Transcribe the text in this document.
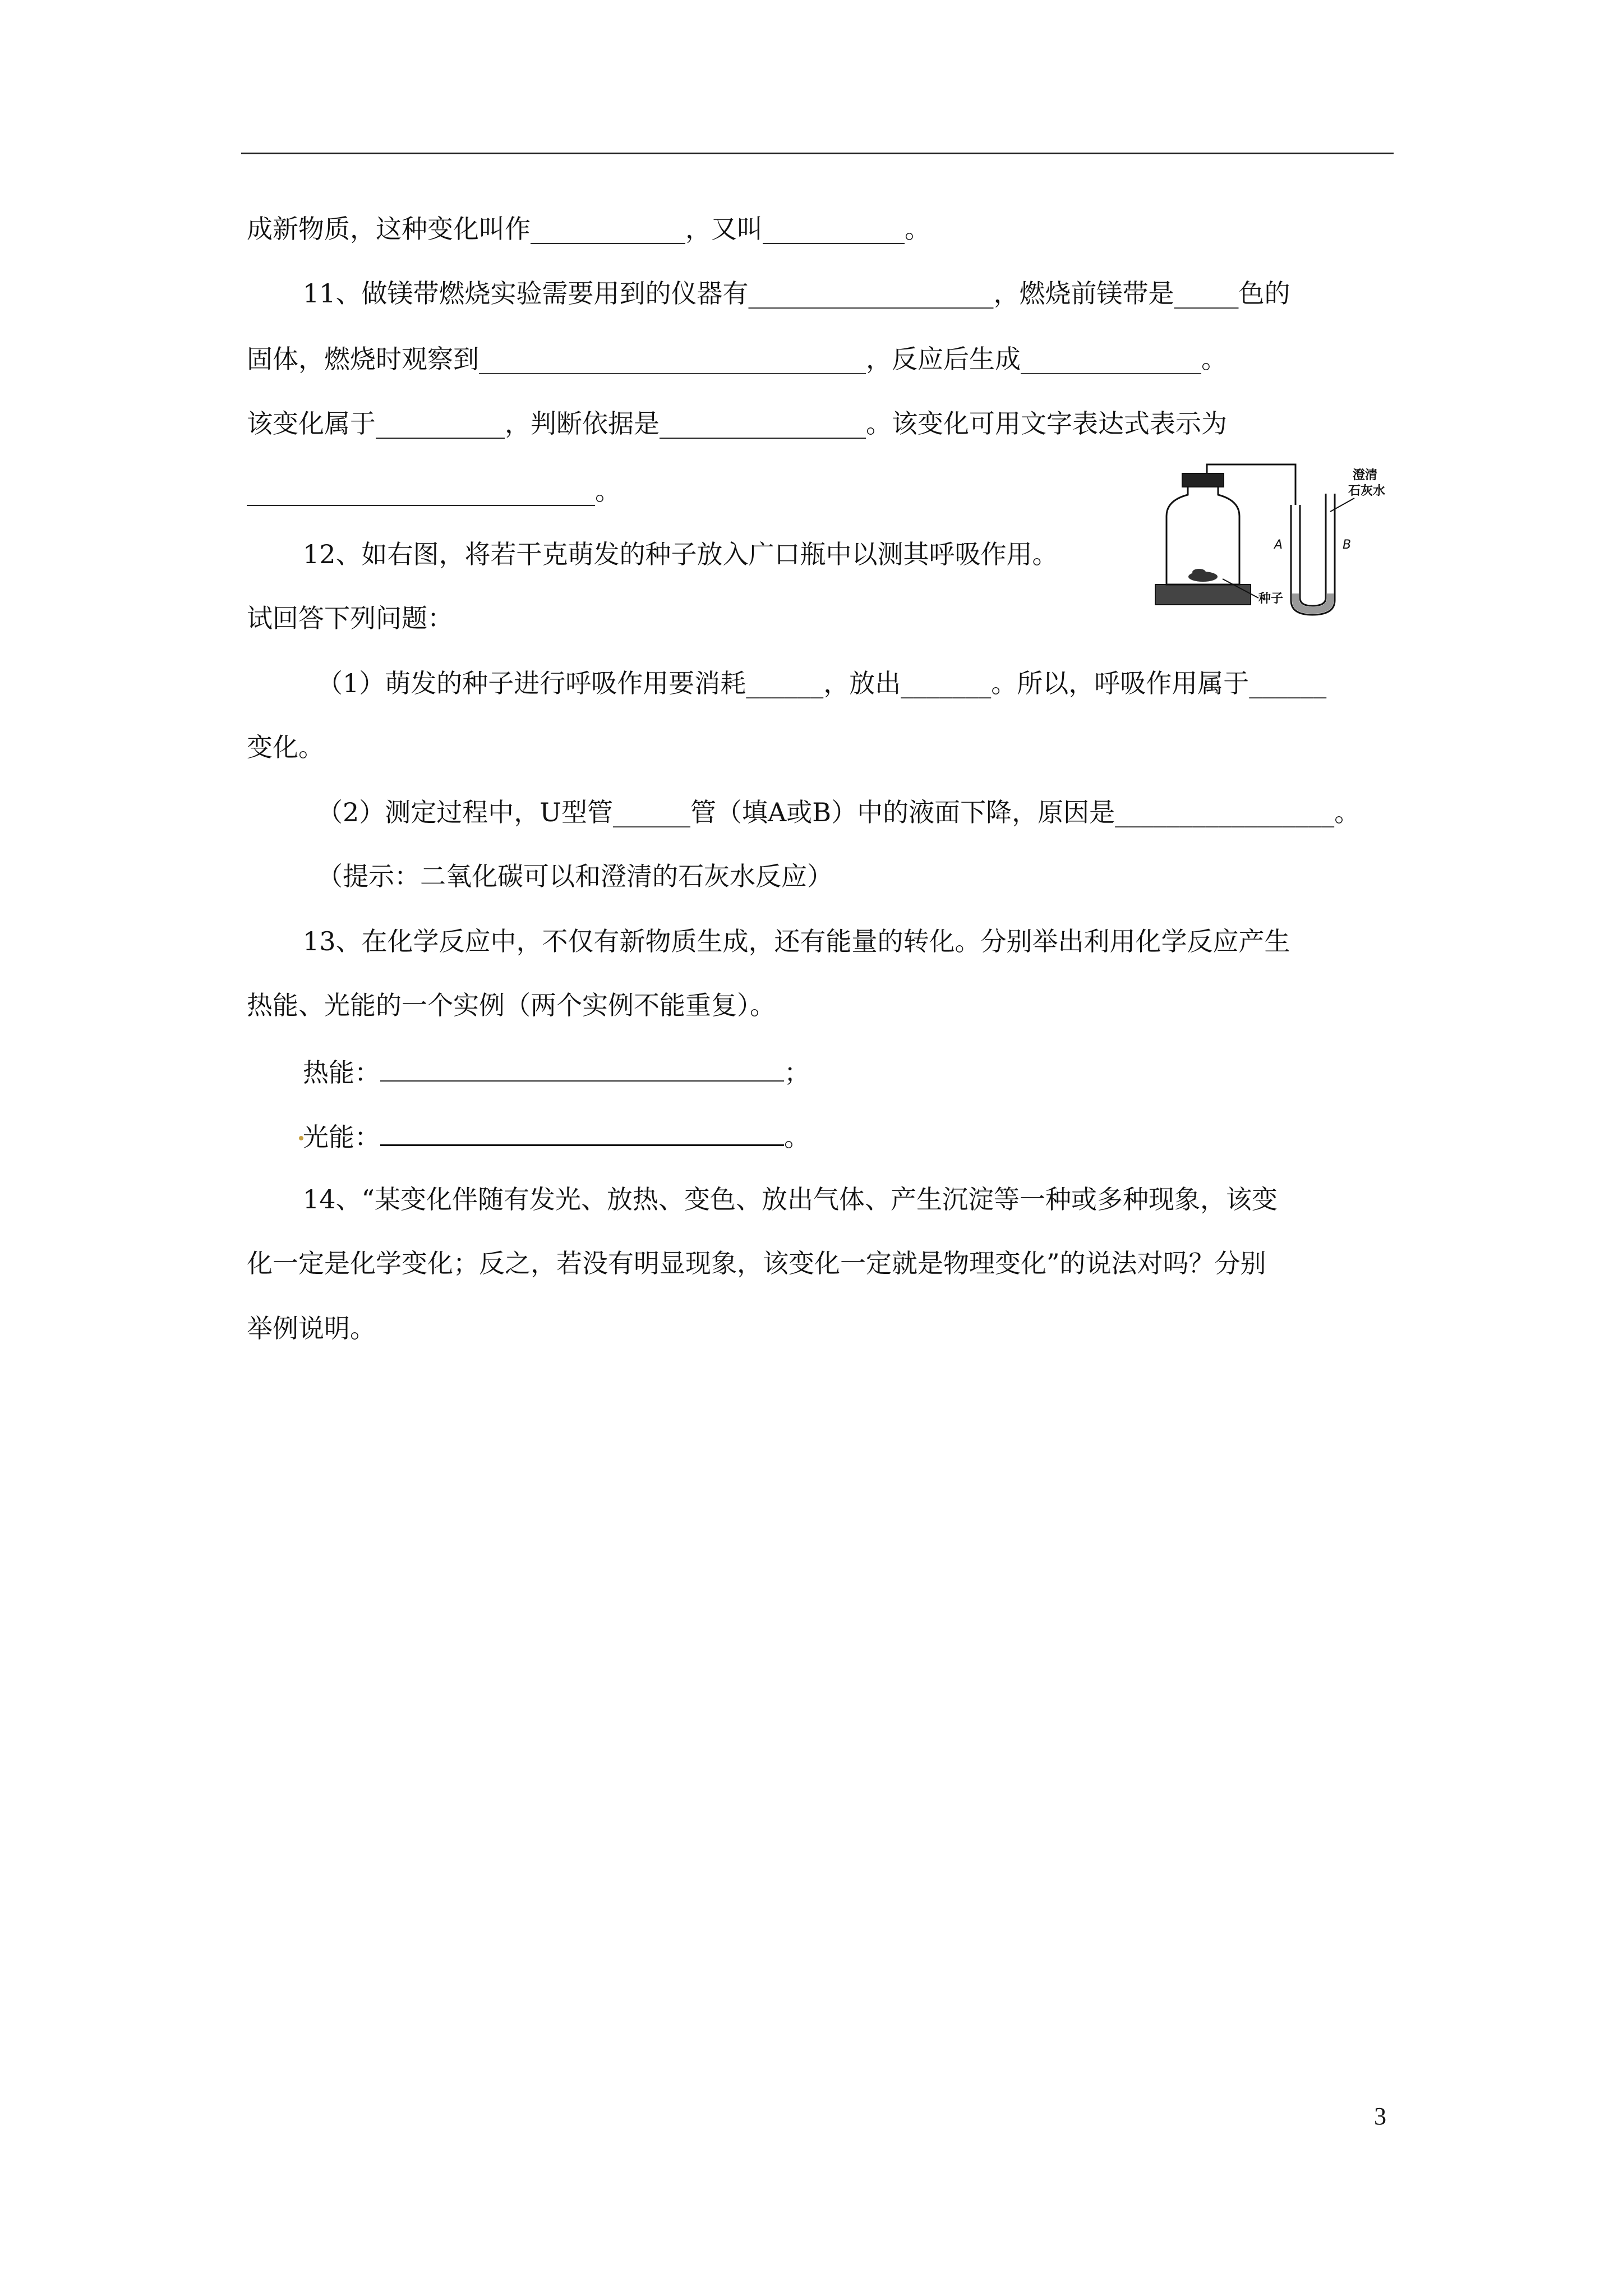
成新物质，这种变化叫作____________，又叫___________。
11、做镁带燃烧实验需要用到的仪器有___________________，燃烧前镁带是_____色的
固体，燃烧时观察到______________________________，反应后生成______________。
该变化属于__________，判断依据是________________。该变化可用文字表达式表示为
___________________________。
12、如右图，将若干克萌发的种子放入广口瓶中以测其呼吸作用。
试回答下列问题：
（1）萌发的种子进行呼吸作用要消耗______，放出_______。所以，呼吸作用属于______
变化。
（2）测定过程中，U型管______管（填A或B）中的液面下降，原因是_________________。
（提示：二氧化碳可以和澄清的石灰水反应）
13、在化学反应中，不仅有新物质生成，还有能量的转化。分别举出利用化学反应产生
热能、光能的一个实例（两个实例不能重复）。
热能：	；
光能：	。
14、“某变化伴随有发光、放热、变色、放出气体、产生沉淀等一种或多种现象，该变
化一定是化学变化；反之，若没有明显现象，该变化一定就是物理变化”的说法对吗？分别
举例说明。
澄清
石灰水
A	B
种子
3
